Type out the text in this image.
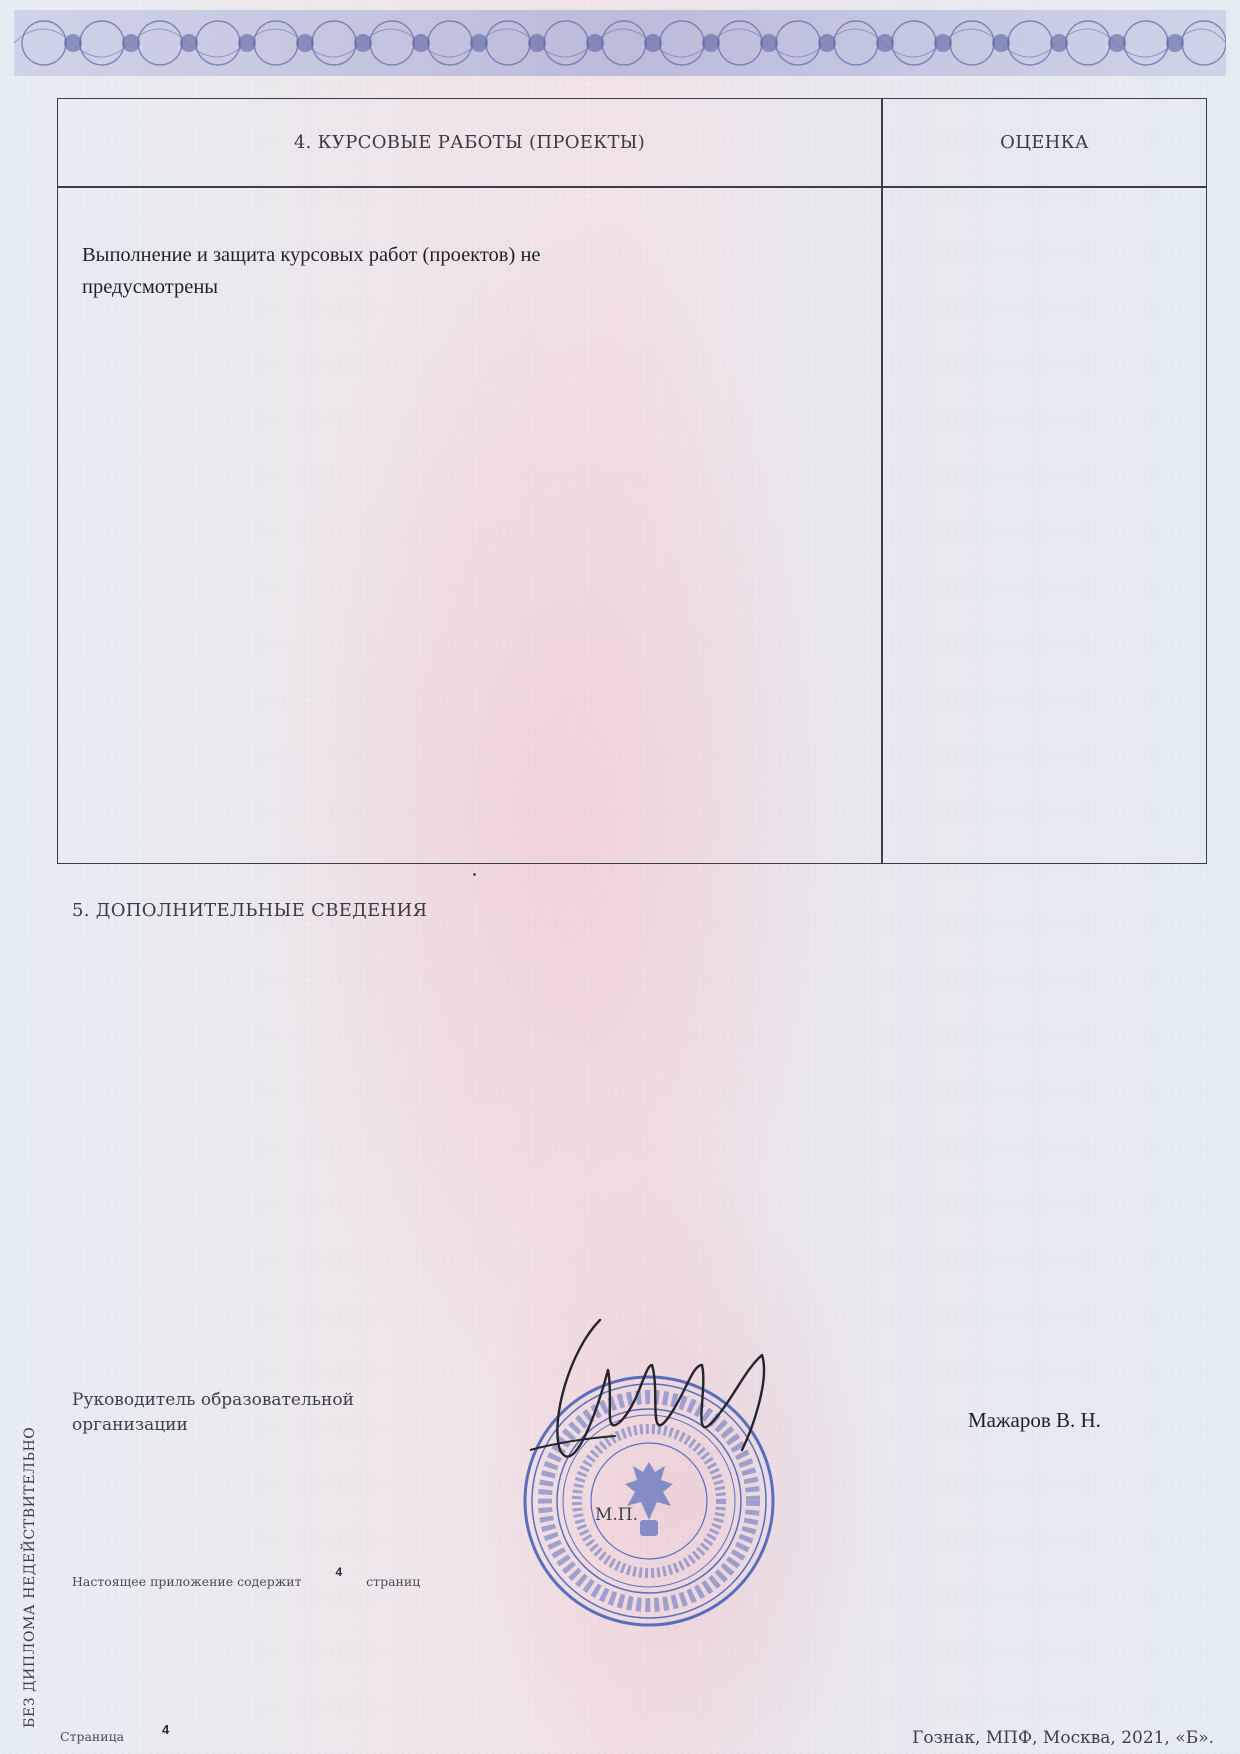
4. КУРСОВЫЕ РАБОТЫ (ПРОЕКТЫ)	ОЦЕНКА
Выполнение и защита курсовых работ (проектов) не предусмотрены
5. ДОПОЛНИТЕЛЬНЫЕ СВЕДЕНИЯ
Руководитель образовательной организации	Мажаров В. Н.
М.П.
Настоящее приложение содержит 4 страниц
БЕЗ ДИПЛОМА НЕДЕЙСТВИТЕЛЬНО
Страница	4	Гознак, МПФ, Москва, 2021, «Б».
